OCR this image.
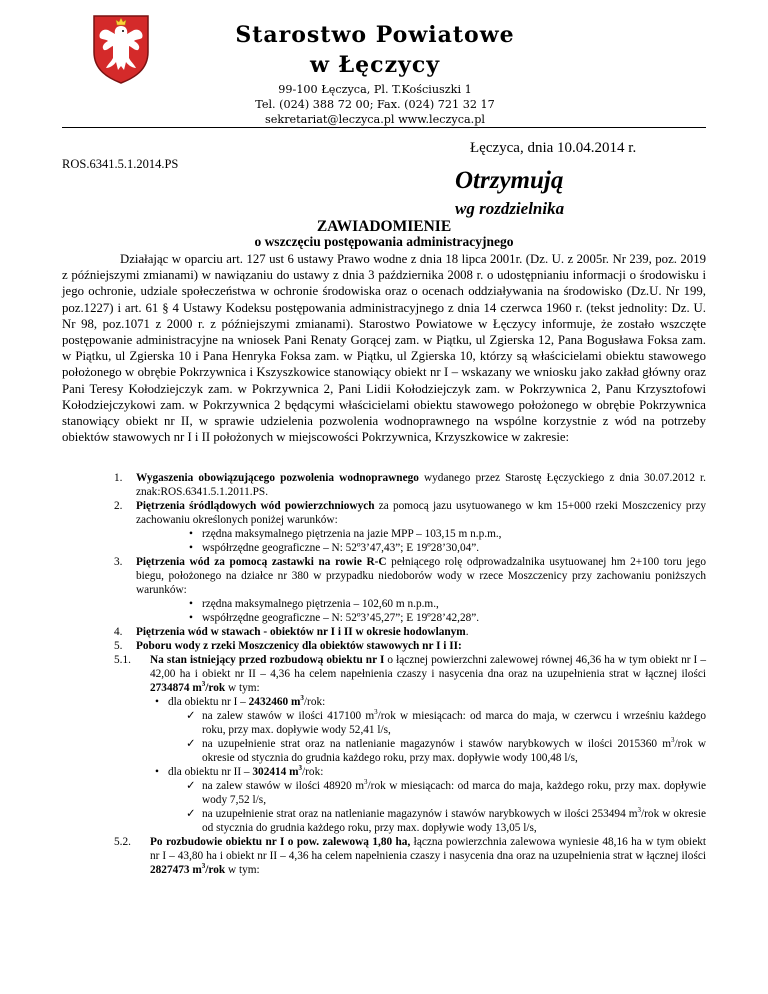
Starostwo Powiatowe
w Łęczycy
99-100 Łęczyca, Pl. T.Kościuszki 1
Tel. (024) 388 72 00; Fax. (024) 721 32 17
sekretariat@leczyca.pl www.leczyca.pl
Łęczyca, dnia 10.04.2014 r.
ROS.6341.5.1.2014.PS
Otrzymują
wg rozdzielnika
ZAWIADOMIENIE
o wszczęciu postępowania administracyjnego

Działając w oparciu art. 127 ust 6 ustawy Prawo wodne z dnia 18 lipca 2001r. (Dz. U. z 2005r. Nr 239, poz. 2019 z późniejszymi zmianami) w nawiązaniu do ustawy z dnia 3 października 2008 r. o udostępnianiu informacji o środowisku i jego ochronie, udziale społeczeństwa w ochronie środowiska oraz o ocenach oddziaływania na środowisko (Dz.U. Nr 199, poz.1227) i art. 61 § 4 Ustawy Kodeksu postępowania administracyjnego z dnia 14 czerwca 1960 r. (tekst jednolity: Dz. U. Nr 98, poz.1071 z 2000 r. z późniejszymi zmianami). Starostwo Powiatowe w Łęczycy informuje, że zostało wszczęte postępowanie administracyjne na wniosek Pani Renaty Gorącej zam. w Piątku, ul Zgierska 12, Pana Bogusława Foksa zam. w Piątku, ul Zgierska 10 i Pana Henryka Foksa zam. w Piątku, ul Zgierska 10, którzy są właścicielami obiektu stawowego położonego w obrębie Pokrzywnica i Kszyszkowice stanowiący obiekt nr I – wskazany we wniosku jako zakład główny oraz Pani Teresy Kołodziejczyk zam. w Pokrzywnica 2, Pani Lidii Kołodziejczyk zam. w Pokrzywnica 2, Panu Krzysztofowi Kołodziejczykowi zam. w Pokrzywnica 2 będącymi właścicielami obiektu stawowego położonego w obrębie Pokrzywnica stanowiący obiekt nr II, w sprawie udzielenia pozwolenia wodnoprawnego na wspólne korzystnie z wód na potrzeby obiektów stawowych nr I i II położonych w miejscowości Pokrzywnica, Krzyszkowice w zakresie:

1. Wygaszenia obowiązującego pozwolenia wodnoprawnego wydanego przez Starostę Łęczyckiego z dnia 30.07.2012 r. znak:ROS.6341.5.1.2011.PS.
2. Piętrzenia śródlądowych wód powierzchniowych za pomocą jazu usytuowanego w km 15+000 rzeki Moszczenicy przy zachowaniu określonych poniżej warunków:
• rzędna maksymalnego piętrzenia na jazie MPP – 103,15 m n.p.m.,
• współrzędne geograficzne – N: 52º3’47,43”; E 19º28’30,04”.
3. Piętrzenia wód za pomocą zastawki na rowie R-C pełniącego rolę odprowadzalnika usytuowanej hm 2+100 toru jego biegu, położonego na działce nr 380 w przypadku niedoborów wody w rzece Moszczenicy przy zachowaniu poniższych warunków:
• rzędna maksymalnego piętrzenia – 102,60 m n.p.m.,
• współrzędne geograficzne – N: 52º3’45,27”; E 19º28’42,28”.
4. Piętrzenia wód w stawach - obiektów nr I i II w okresie hodowlanym.
5. Poboru wody z rzeki Moszczenicy dla obiektów stawowych nr I i II:
5.1. Na stan istniejący przed rozbudową obiektu nr I o łącznej powierzchni zalewowej równej 46,36 ha w tym obiekt nr I – 42,00 ha i obiekt nr II – 4,36 ha celem napełnienia czaszy i nasycenia dna oraz na uzupełnienia strat w łącznej ilości 2734874 $m^3$/rok w tym:
• dla obiektu nr I – 2432460 $m^3$/rok:
✓ na zalew stawów w ilości 417100 $m^3$/rok w miesiącach: od marca do maja, w czerwcu i wrześniu każdego roku, przy max. dopływie wody 52,41 l/s,
✓ na uzupełnienie strat oraz na natlenianie magazynów i stawów narybkowych w ilości 2015360 $m^3$/rok w okresie od stycznia do grudnia każdego roku, przy max. dopływie wody 100,48 l/s,
• dla obiektu nr II – 302414 $m^3$/rok:
✓ na zalew stawów w ilości 48920 $m^3$/rok w miesiącach: od marca do maja, każdego roku, przy max. dopływie wody 7,52 l/s,
✓ na uzupełnienie strat oraz na natlenianie magazynów i stawów narybkowych w ilości 253494 $m^3$/rok w okresie od stycznia do grudnia każdego roku, przy max. dopływie wody 13,05 l/s,
5.2. Po rozbudowie obiektu nr I o pow. zalewową 1,80 ha, łączna powierzchnia zalewowa wyniesie 48,16 ha w tym obiekt nr I – 43,80 ha i obiekt nr II – 4,36 ha celem napełnienia czaszy i nasycenia dna oraz na uzupełnienia strat w łącznej ilości 2827473 $m^3$/rok w tym:
